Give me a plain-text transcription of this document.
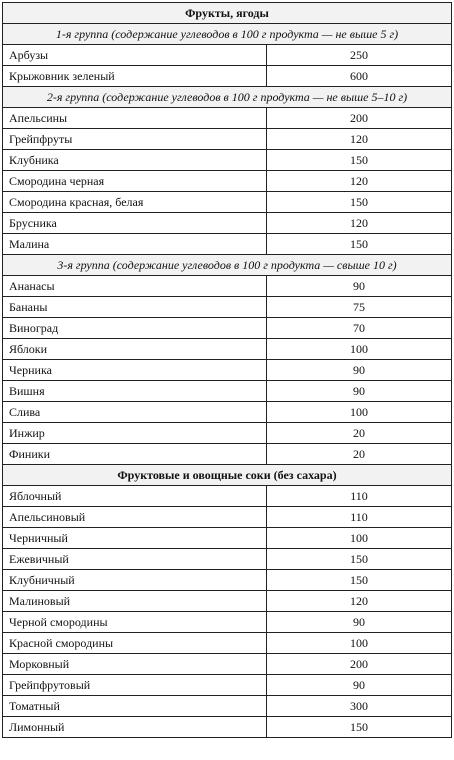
Фрукты, ягоды	
1-я группа (содержание углеводов в 100 г продукта — не выше 5 г)	
Арбузы	250
Крыжовник зеленый	600
2-я группа (содержание углеводов в 100 г продукта — не выше 5–10 г)	
Апельсины	200
Грейпфруты	120
Клубника	150
Смородина черная	120
Смородина красная, белая	150
Брусника	120
Малина	150
3-я группа (содержание углеводов в 100 г продукта — свыше 10 г)	
Ананасы	90
Бананы	75
Виноград	70
Яблоки	100
Черника	90
Вишня	90
Слива	100
Инжир	20
Финики	20
Фруктовые и овощные соки (без сахара)	
Яблочный	110
Апельсиновый	110
Черничный	100
Ежевичный	150
Клубничный	150
Малиновый	120
Черной смородины	90
Красной смородины	100
Морковный	200
Грейпфрутовый	90
Томатный	300
Лимонный	150
